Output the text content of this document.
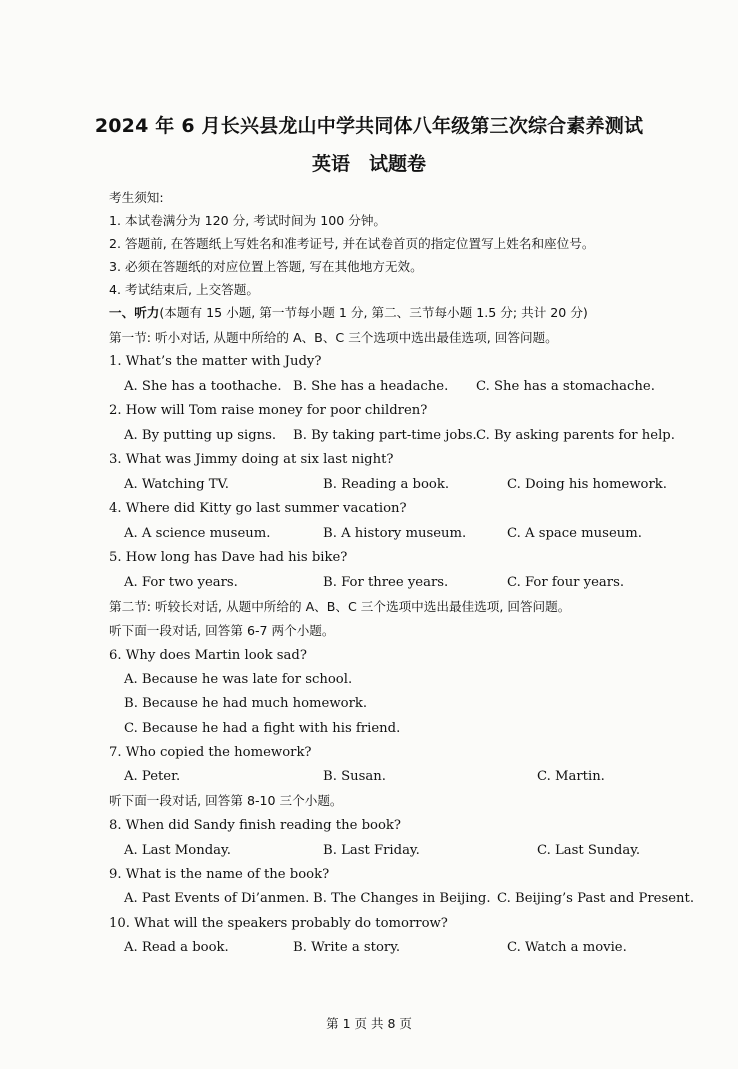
2024 年 6 月长兴县龙山中学共同体八年级第三次综合素养测试
英语　试题卷
考生须知:
1. 本试卷满分为 120 分, 考试时间为 100 分钟。
2. 答题前, 在答题纸上写姓名和准考证号, 并在试卷首页的指定位置写上姓名和座位号。
3. 必须在答题纸的对应位置上答题, 写在其他地方无效。
4. 考试结束后, 上交答题。
一、听力(本题有 15 小题, 第一节每小题 1 分, 第二、三节每小题 1.5 分; 共计 20 分)
第一节: 听小对话, 从题中所给的 A、B、C 三个选项中选出最佳选项, 回答问题。
1. What’s the matter with Judy?
A. She has a toothache. B. She has a headache. C. She has a stomachache.
2. How will Tom raise money for poor children?
A. By putting up signs. B. By taking part-time jobs. C. By asking parents for help.
3. What was Jimmy doing at six last night?
A. Watching TV.	B. Reading a book.	C. Doing his homework.
4. Where did Kitty go last summer vacation?
A. A science museum.	B. A history museum.	C. A space museum.
5. How long has Dave had his bike?
A. For two years.	B. For three years.	C. For four years.
第二节: 听较长对话, 从题中所给的 A、B、C 三个选项中选出最佳选项, 回答问题。
听下面一段对话, 回答第 6-7 两个小题。
6. Why does Martin look sad?
A. Because he was late for school.
B. Because he had much homework.
C. Because he had a fight with his friend.
7. Who copied the homework?
A. Peter.	B. Susan.	C. Martin.
听下面一段对话, 回答第 8-10 三个小题。
8. When did Sandy finish reading the book?
A. Last Monday.	B. Last Friday.	C. Last Sunday.
9. What is the name of the book?
A. Past Events of Di’anmen. B. The Changes in Beijing. C. Beijing’s Past and Present.
10. What will the speakers probably do tomorrow?
A. Read a book.	B. Write a story.	C. Watch a movie.
第 1 页 共 8 页
